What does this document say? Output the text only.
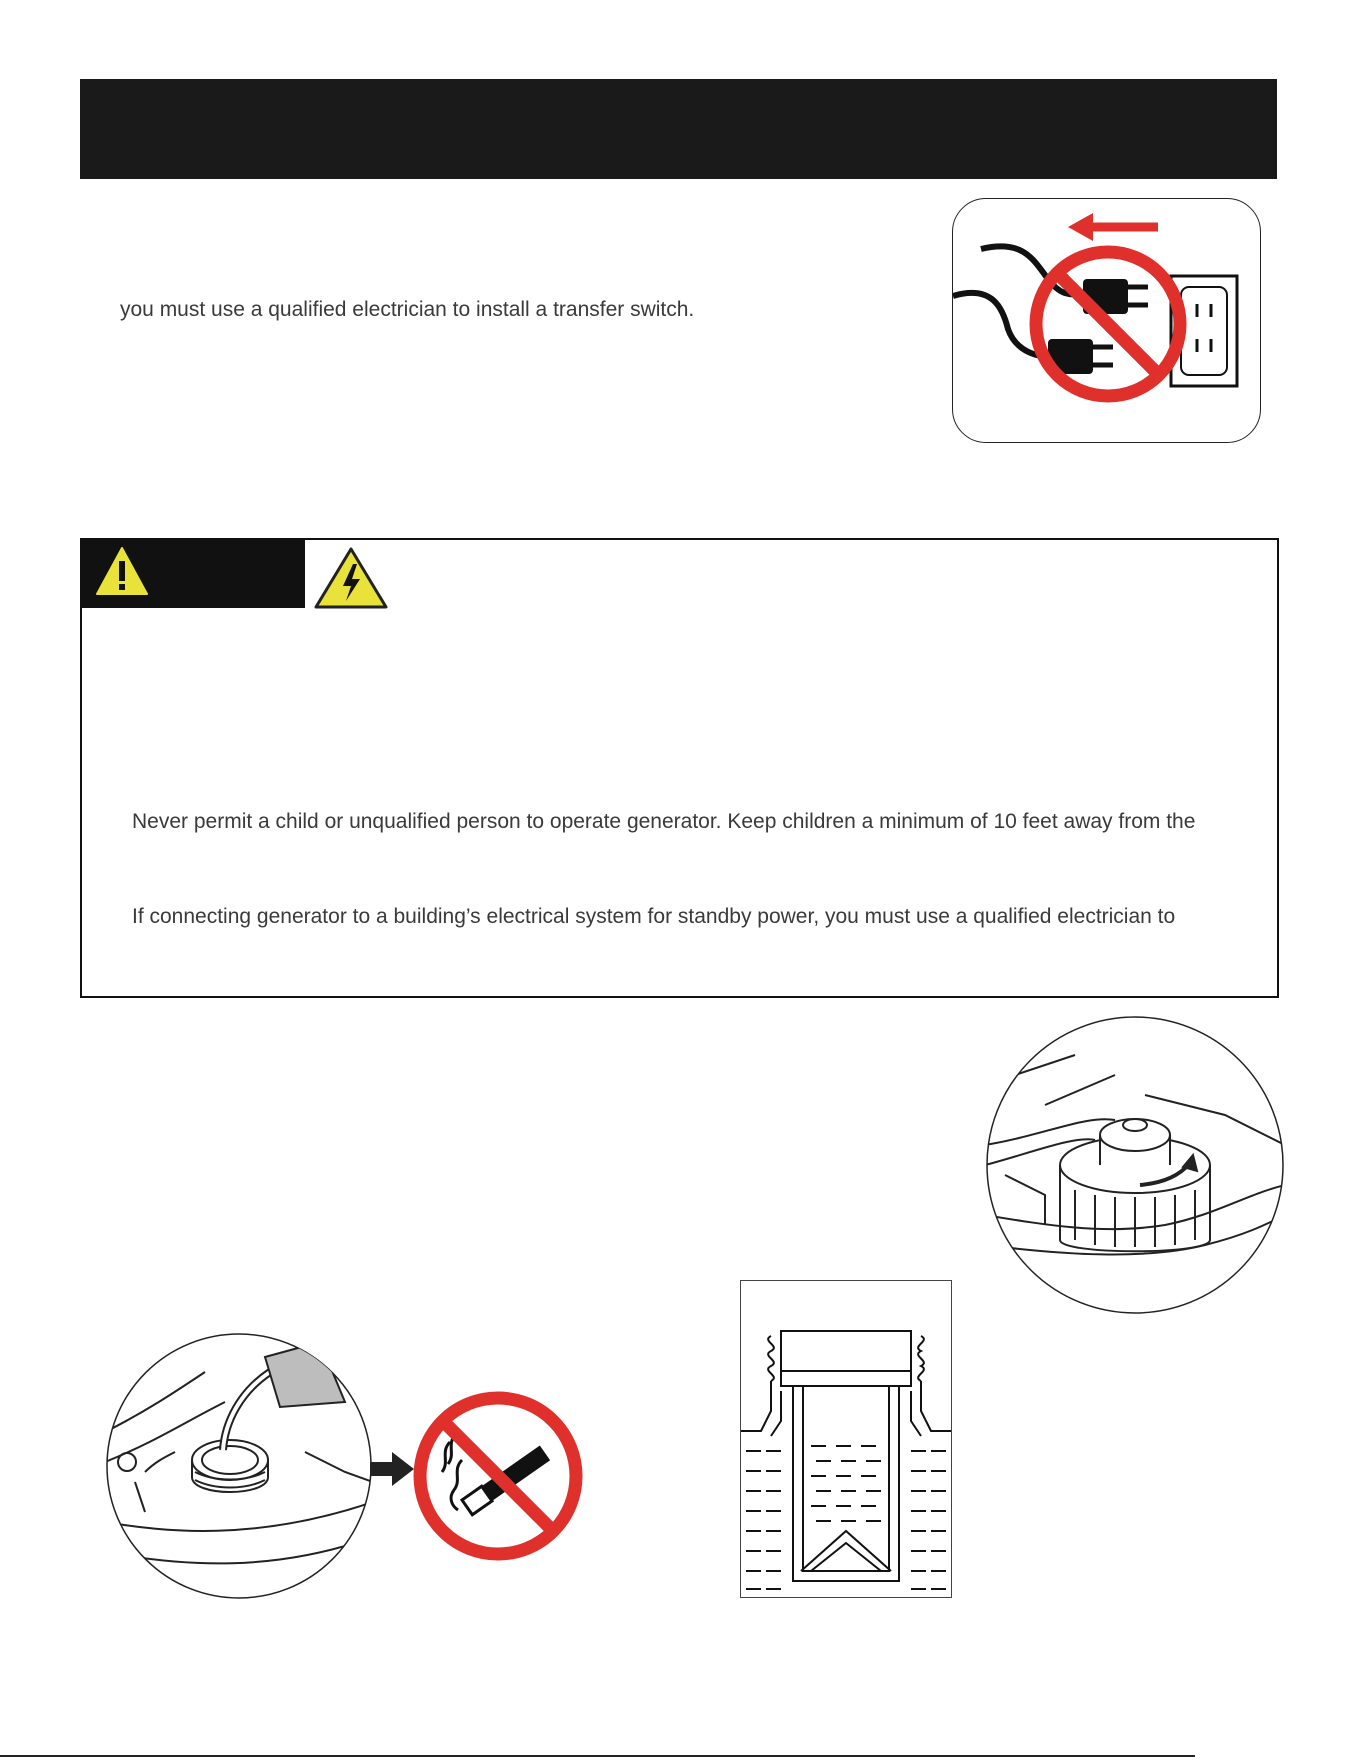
you must use a qualified electrician to install a transfer switch.
Never permit a child or unqualified person to operate generator. Keep children a minimum of 10 feet away from the
If connecting generator to a building’s electrical system for standby power, you must use a qualified electrician to
